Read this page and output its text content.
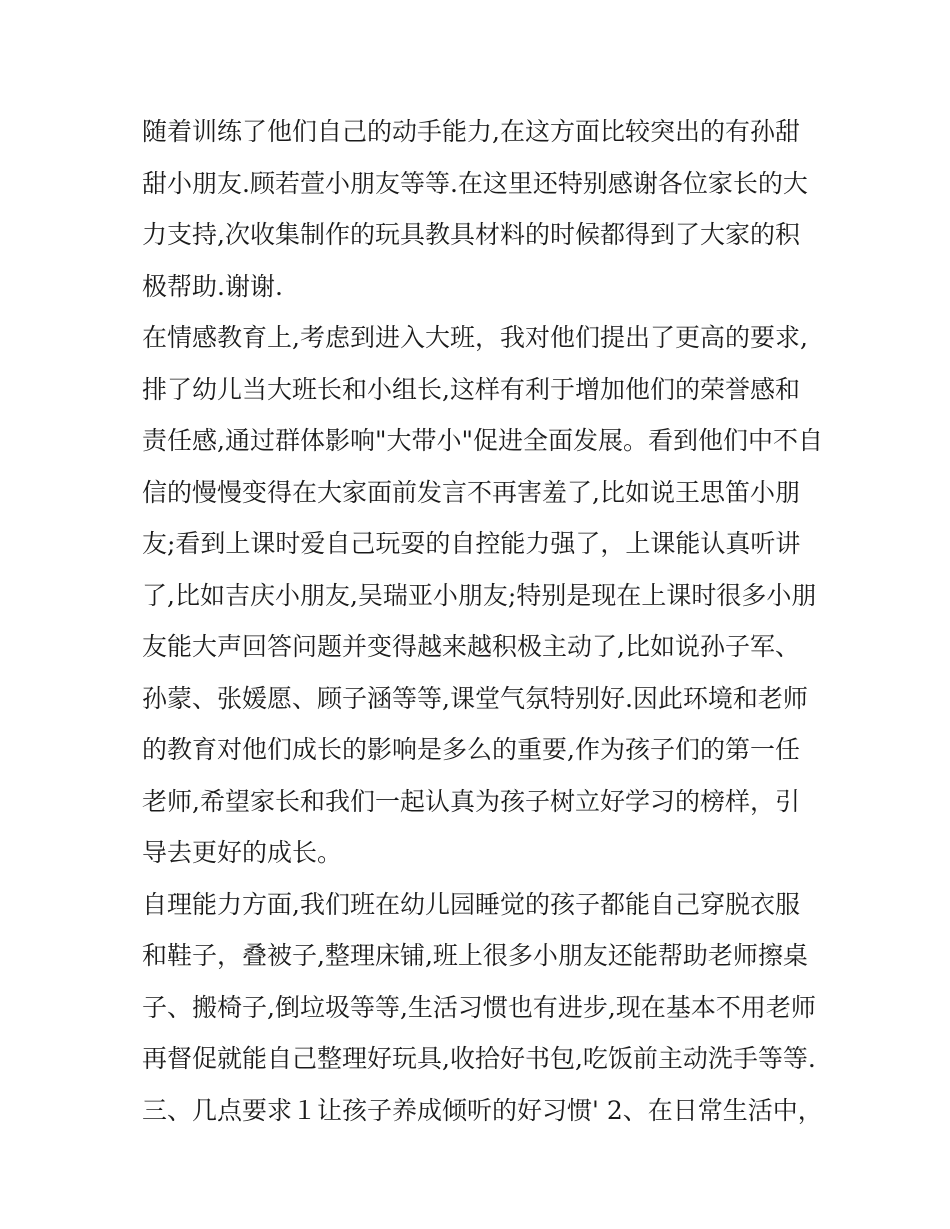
随着训练了他们自己的动手能力,在这方面比较突出的有孙甜
甜小朋友.顾若萱小朋友等等.在这里还特别感谢各位家长的大
力支持,次收集制作的玩具教具材料的时候都得到了大家的积
极帮助.谢谢.
在情感教育上,考虑到进入大班，我对他们提出了更高的要求,
排了幼儿当大班长和小组长,这样有利于增加他们的荣誉感和
责任感,通过群体影响"大带小"促进全面发展。看到他们中不自
信的慢慢变得在大家面前发言不再害羞了,比如说王思笛小朋
友;看到上课时爱自己玩耍的自控能力强了，上课能认真听讲
了,比如吉庆小朋友,吴瑞亚小朋友;特别是现在上课时很多小朋
友能大声回答问题并变得越来越积极主动了,比如说孙子军、
孙蒙、张媛愿、顾子涵等等,课堂气氛特别好.因此环境和老师
的教育对他们成长的影响是多么的重要,作为孩子们的第一任
老师,希望家长和我们一起认真为孩子树立好学习的榜样，引
导去更好的成长。
自理能力方面,我们班在幼儿园睡觉的孩子都能自己穿脱衣服
和鞋子，叠被子,整理床铺,班上很多小朋友还能帮助老师擦桌
子、搬椅子,倒垃圾等等,生活习惯也有进步,现在基本不用老师
再督促就能自己整理好玩具,收拾好书包,吃饭前主动洗手等等.
三、几点要求１让孩子养成倾听的好习惯' 2、在日常生活中，
